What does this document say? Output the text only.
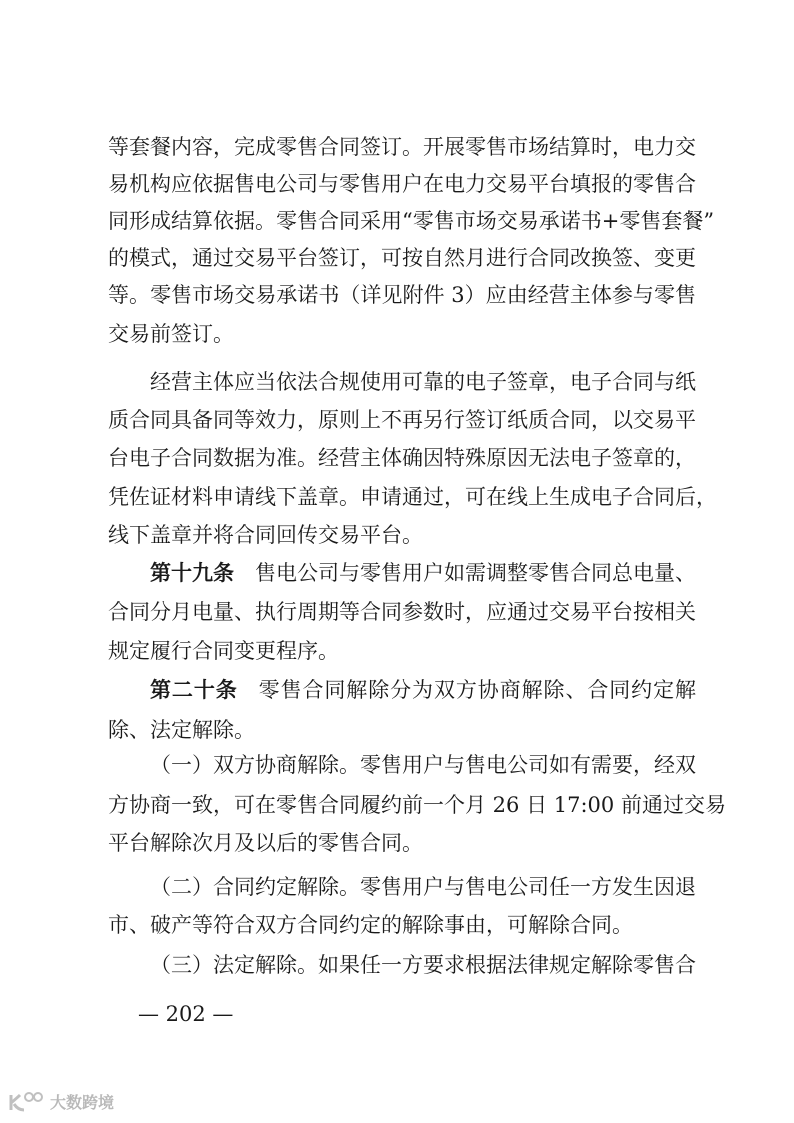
等套餐内容，完成零售合同签订。开展零售市场结算时，电力交
易机构应依据售电公司与零售用户在电力交易平台填报的零售合
同形成结算依据。零售合同采用“零售市场交易承诺书+零售套餐”
的模式，通过交易平台签订，可按自然月进行合同改换签、变更
等。零售市场交易承诺书（详见附件 3）应由经营主体参与零售
交易前签订。
经营主体应当依法合规使用可靠的电子签章，电子合同与纸
质合同具备同等效力，原则上不再另行签订纸质合同，以交易平
台电子合同数据为准。经营主体确因特殊原因无法电子签章的，
凭佐证材料申请线下盖章。申请通过，可在线上生成电子合同后，
线下盖章并将合同回传交易平台。
第十九条 售电公司与零售用户如需调整零售合同总电量、
合同分月电量、执行周期等合同参数时，应通过交易平台按相关
规定履行合同变更程序。
第二十条 零售合同解除分为双方协商解除、合同约定解
除、法定解除。
（一）双方协商解除。零售用户与售电公司如有需要，经双
方协商一致，可在零售合同履约前一个月 26 日 17:00 前通过交易
平台解除次月及以后的零售合同。
（二）合同约定解除。零售用户与售电公司任一方发生因退
市、破产等符合双方合同约定的解除事由，可解除合同。
（三）法定解除。如果任一方要求根据法律规定解除零售合
— 202 —
大数跨境
